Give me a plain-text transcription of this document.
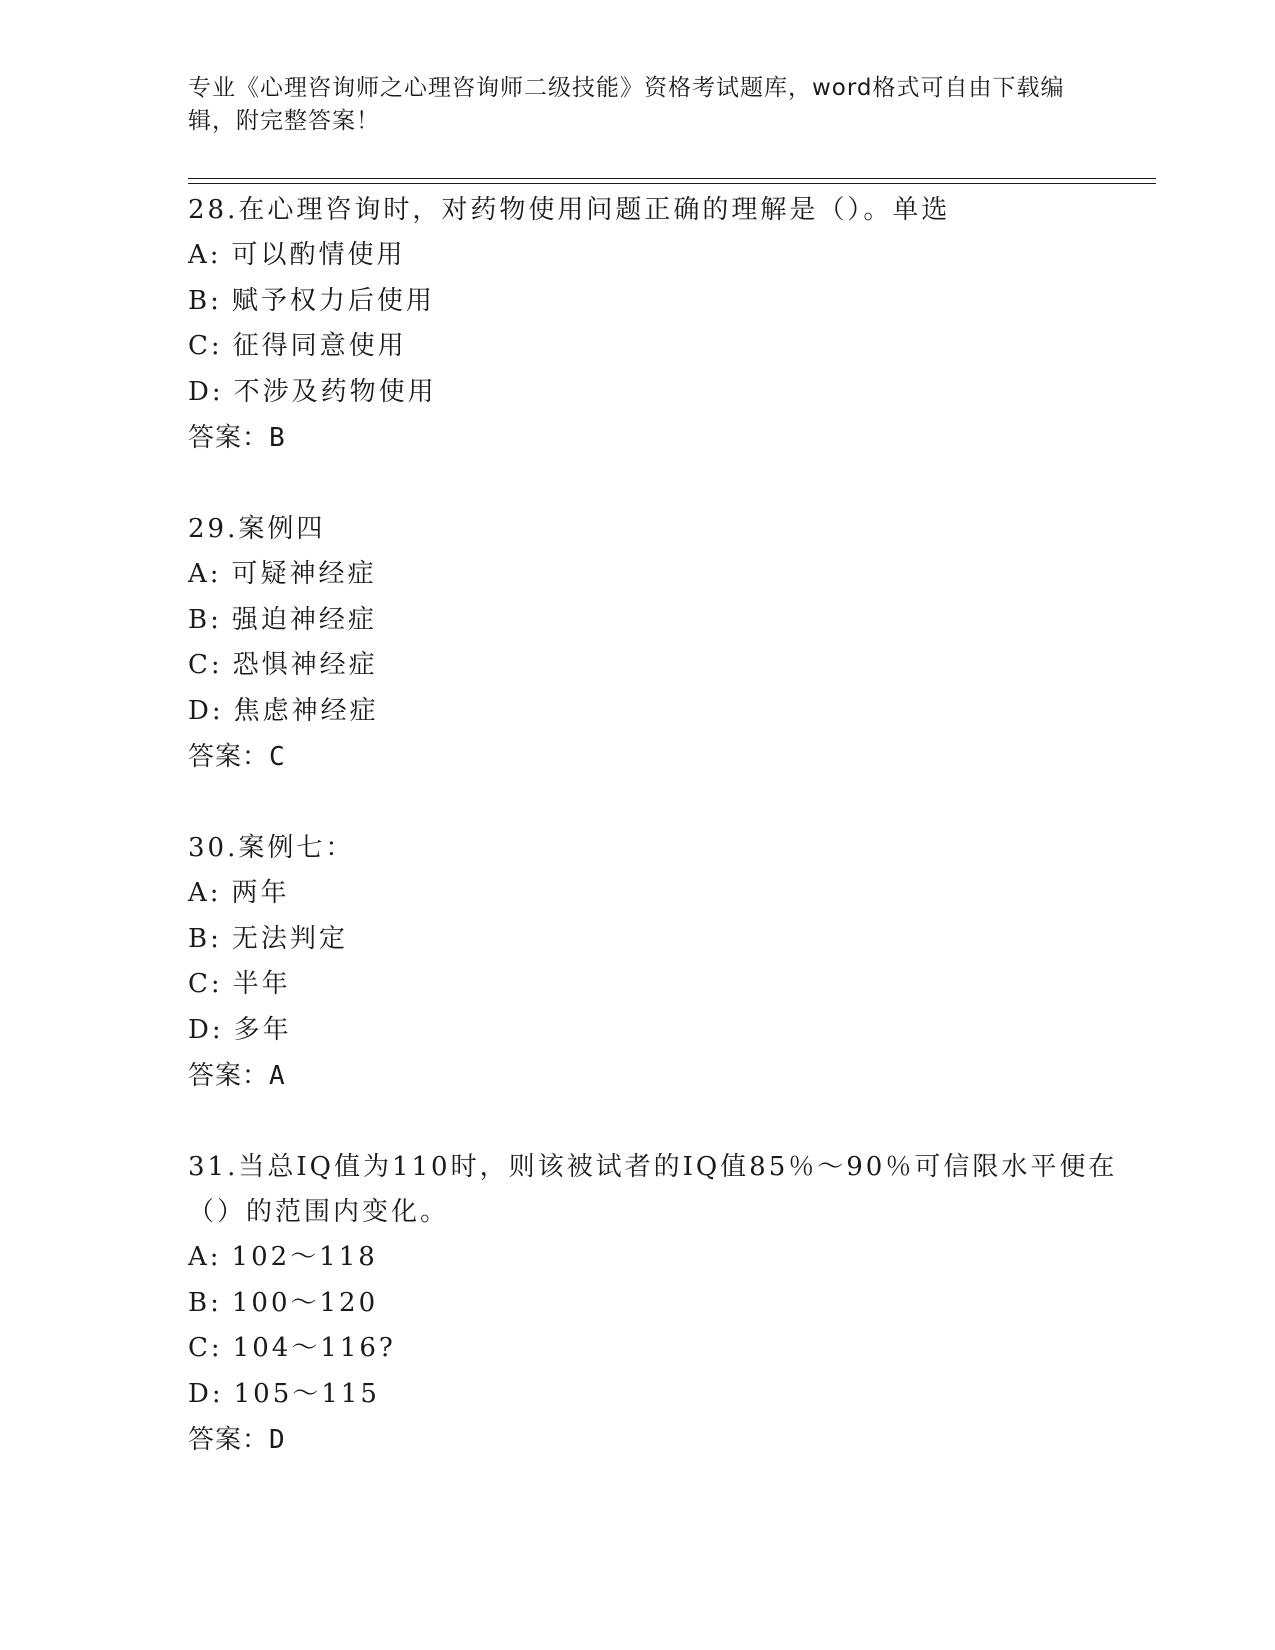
专业《心理咨询师之心理咨询师二级技能》资格考试题库，word格式可自由下载编辑，附完整答案！

28.在心理咨询时，对药物使用问题正确的理解是（）。单选

A: 可以酌情使用

B: 赋予权力后使用

C: 征得同意使用

D: 不涉及药物使用

答案：B

29.案例四

A: 可疑神经症

B: 强迫神经症

C: 恐惧神经症

D: 焦虑神经症

答案：C

30.案例七：

A: 两年

B: 无法判定

C: 半年

D: 多年

答案：A

31.当总IQ值为110时，则该被试者的IQ值85％～90％可信限水平便在（）的范围内变化。

A: 102～118

B: 100～120

C: 104～116?

D: 105～115

答案：D
